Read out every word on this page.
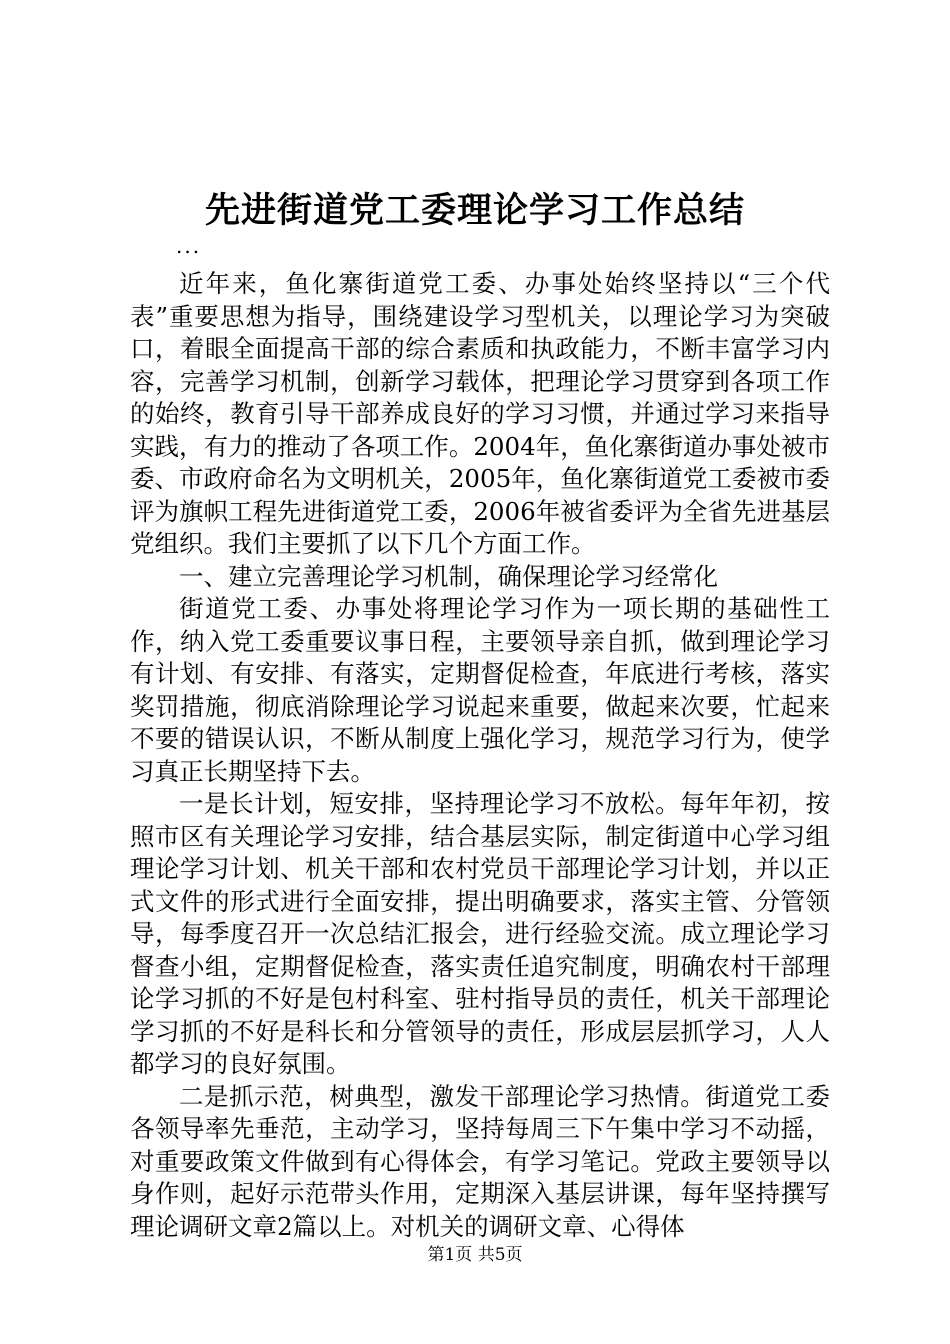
先进街道党工委理论学习工作总结
...

近年来，鱼化寨街道党工委、办事处始终坚持以“三个代表”重要思想为指导，围绕建设学习型机关，以理论学习为突破口，着眼全面提高干部的综合素质和执政能力，不断丰富学习内容，完善学习机制，创新学习载体，把理论学习贯穿到各项工作的始终，教育引导干部养成良好的学习习惯，并通过学习来指导实践，有力的推动了各项工作。2004年，鱼化寨街道办事处被市委、市政府命名为文明机关，2005年，鱼化寨街道党工委被市委评为旗帜工程先进街道党工委，2006年被省委评为全省先进基层党组织。我们主要抓了以下几个方面工作。

一、建立完善理论学习机制，确保理论学习经常化

街道党工委、办事处将理论学习作为一项长期的基础性工作，纳入党工委重要议事日程，主要领导亲自抓，做到理论学习有计划、有安排、有落实，定期督促检查，年底进行考核，落实奖罚措施，彻底消除理论学习说起来重要，做起来次要，忙起来不要的错误认识，不断从制度上强化学习，规范学习行为，使学习真正长期坚持下去。

一是长计划，短安排，坚持理论学习不放松。每年年初，按照市区有关理论学习安排，结合基层实际，制定街道中心学习组理论学习计划、机关干部和农村党员干部理论学习计划，并以正式文件的形式进行全面安排，提出明确要求，落实主管、分管领导，每季度召开一次总结汇报会，进行经验交流。成立理论学习督查小组，定期督促检查，落实责任追究制度，明确农村干部理论学习抓的不好是包村科室、驻村指导员的责任，机关干部理论学习抓的不好是科长和分管领导的责任，形成层层抓学习，人人都学习的良好氛围。

二是抓示范，树典型，激发干部理论学习热情。街道党工委各领导率先垂范，主动学习，坚持每周三下午集中学习不动摇，对重要政策文件做到有心得体会，有学习笔记。党政主要领导以身作则，起好示范带头作用，定期深入基层讲课，每年坚持撰写理论调研文章2篇以上。对机关的调研文章、心得体

第1页 共5页
